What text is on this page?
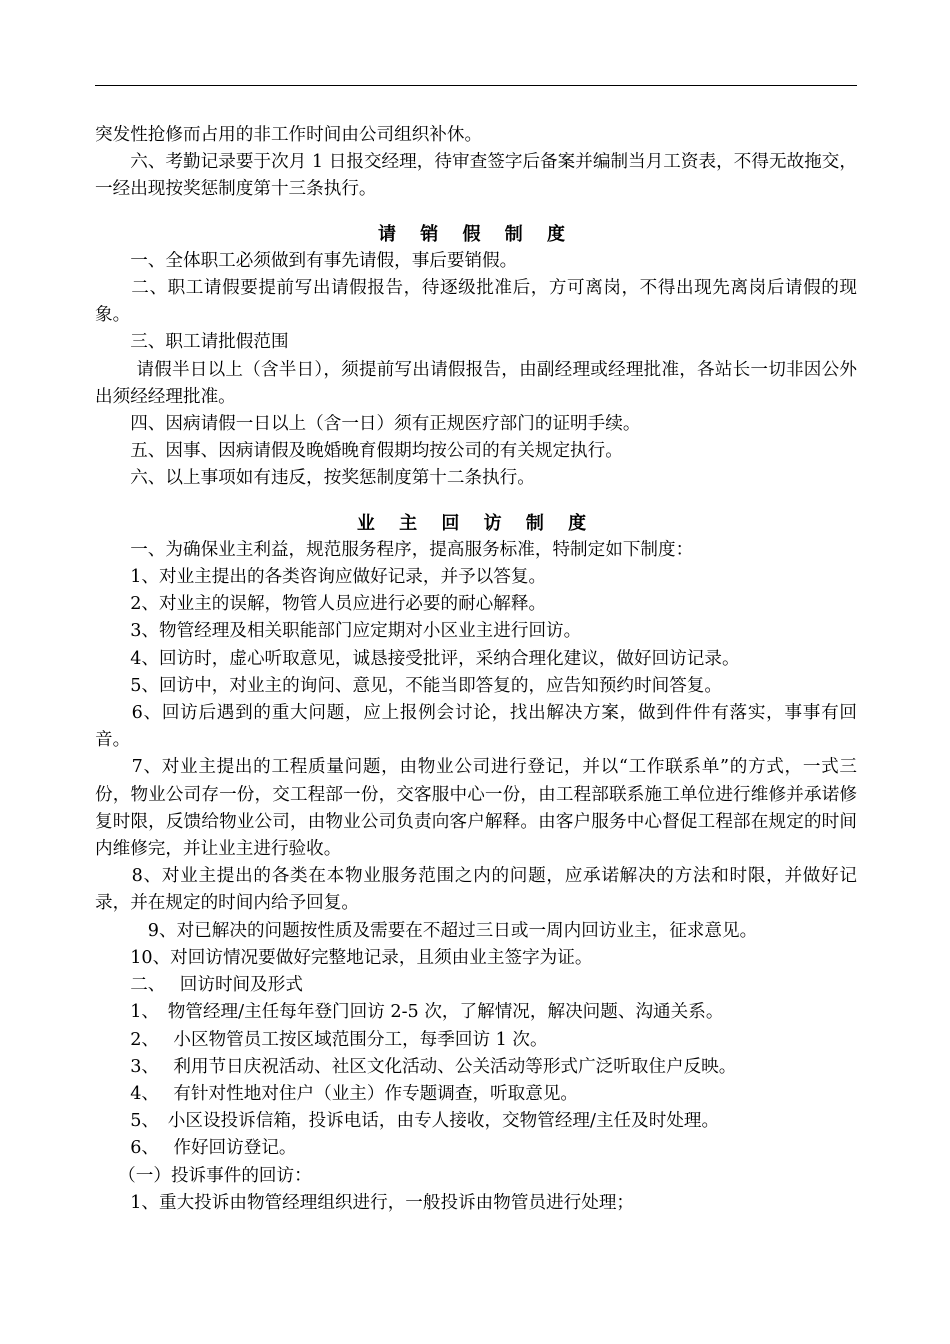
突发性抢修而占用的非工作时间由公司组织补休。
　　六、考勤记录要于次月 1 日报交经理，待审查签字后备案并编制当月工资表，不得无故拖交，一经出现按奖惩制度第十三条执行。
请 销 假 制 度
　　一、全体职工必须做到有事先请假，事后要销假。
　　二、职工请假要提前写出请假报告，待逐级批准后，方可离岗，不得出现先离岗后请假的现象。
　　三、职工请批假范围
　　 请假半日以上（含半日），须提前写出请假报告，由副经理或经理批准，各站长一切非因公外出须经经理批准。
　　四、因病请假一日以上（含一日）须有正规医疗部门的证明手续。
　　五、因事、因病请假及晚婚晚育假期均按公司的有关规定执行。
　　六、以上事项如有违反，按奖惩制度第十二条执行。
业 主 回 访 制 度
　　一、为确保业主利益，规范服务程序，提高服务标准，特制定如下制度：
　　1、对业主提出的各类咨询应做好记录，并予以答复。
　　2、对业主的误解，物管人员应进行必要的耐心解释。
　　3、物管经理及相关职能部门应定期对小区业主进行回访。
　　4、回访时，虚心听取意见，诚恳接受批评，采纳合理化建议，做好回访记录。
　　5、回访中，对业主的询问、意见，不能当即答复的，应告知预约时间答复。
　　6、回访后遇到的重大问题，应上报例会讨论，找出解决方案，做到件件有落实，事事有回音。
　　7、对业主提出的工程质量问题，由物业公司进行登记，并以“工作联系单”的方式，一式三份，物业公司存一份，交工程部一份，交客服中心一份，由工程部联系施工单位进行维修并承诺修复时限，反馈给物业公司，由物业公司负责向客户解释。由客户服务中心督促工程部在规定的时间内维修完，并让业主进行验收。
　　8、对业主提出的各类在本物业服务范围之内的问题，应承诺解决的方法和时限，并做好记录，并在规定的时间内给予回复。
　　　9、对已解决的问题按性质及需要在不超过三日或一周内回访业主，征求意见。
　　10、对回访情况要做好完整地记录，且须由业主签字为证。
　　二、　 回访时间及形式
　　1、　物管经理/主任每年登门回访 2-5 次，了解情况，解决问题、沟通关系。
　　2、　 小区物管员工按区域范围分工，每季回访 1 次。
　　3、　 利用节日庆祝活动、社区文化活动、公关活动等形式广泛听取住户反映。
　　4、　 有针对性地对住户（业主）作专题调查，听取意见。
　　5、　小区设投诉信箱，投诉电话，由专人接收，交物管经理/主任及时处理。
　　6、　 作好回访登记。
　 （一）投诉事件的回访：
　　1、重大投诉由物管经理组织进行，一般投诉由物管员进行处理；
